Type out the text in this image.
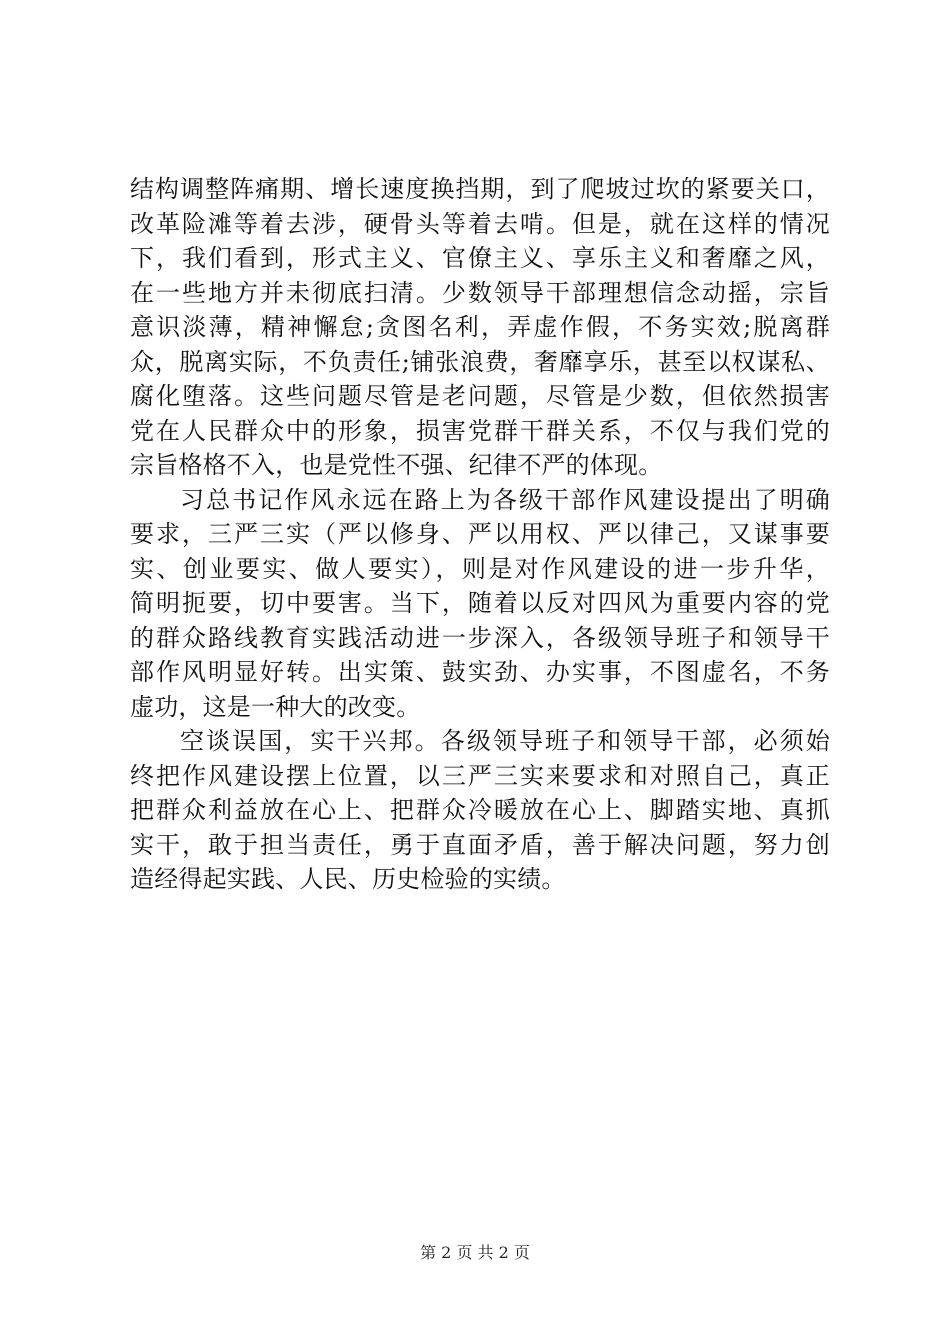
结构调整阵痛期、增长速度换挡期，到了爬坡过坎的紧要关口，
改革险滩等着去涉，硬骨头等着去啃。但是，就在这样的情况
下，我们看到，形式主义、官僚主义、享乐主义和奢靡之风，
在一些地方并未彻底扫清。少数领导干部理想信念动摇，宗旨
意识淡薄，精神懈怠;贪图名利，弄虚作假，不务实效;脱离群
众，脱离实际，不负责任;铺张浪费，奢靡享乐，甚至以权谋私、
腐化堕落。这些问题尽管是老问题，尽管是少数，但依然损害
党在人民群众中的形象，损害党群干群关系，不仅与我们党的
宗旨格格不入，也是党性不强、纪律不严的体现。
习总书记作风永远在路上为各级干部作风建设提出了明确
要求，三严三实（严以修身、严以用权、严以律己，又谋事要
实、创业要实、做人要实），则是对作风建设的进一步升华，
简明扼要，切中要害。当下，随着以反对四风为重要内容的党
的群众路线教育实践活动进一步深入，各级领导班子和领导干
部作风明显好转。出实策、鼓实劲、办实事，不图虚名，不务
虚功，这是一种大的改变。
空谈误国，实干兴邦。各级领导班子和领导干部，必须始
终把作风建设摆上位置，以三严三实来要求和对照自己，真正
把群众利益放在心上、把群众冷暖放在心上、脚踏实地、真抓
实干，敢于担当责任，勇于直面矛盾，善于解决问题，努力创
造经得起实践、人民、历史检验的实绩。
第 2 页 共 2 页
